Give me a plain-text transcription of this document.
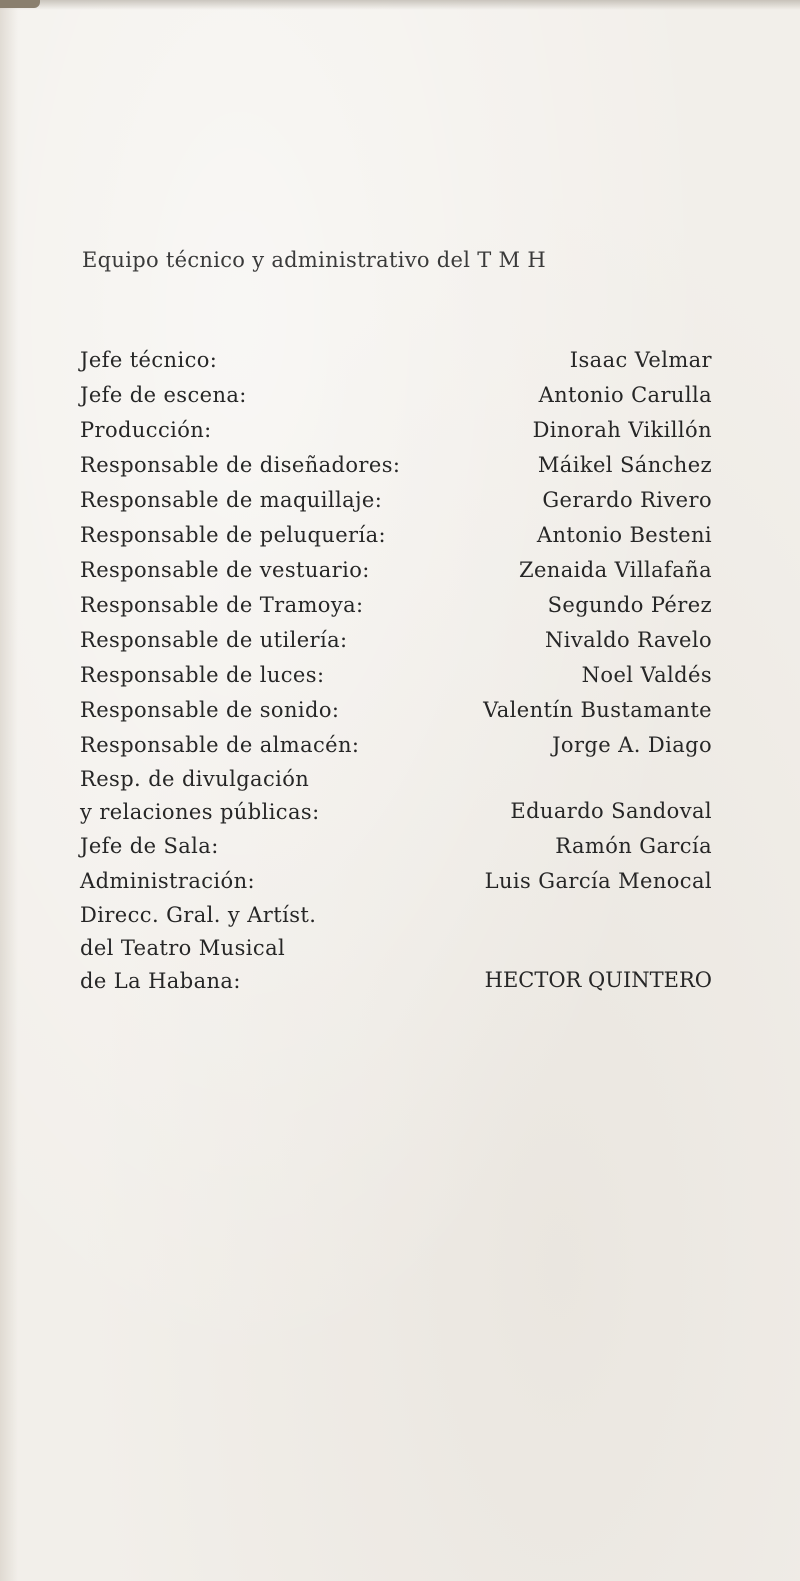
Equipo técnico y administrativo del T M H
Jefe técnico:	Isaac Velmar
Jefe de escena:	Antonio Carulla
Producción:	Dinorah Vikillón
Responsable de diseñadores:	Máikel Sánchez
Responsable de maquillaje:	Gerardo Rivero
Responsable de peluquería:	Antonio Besteni
Responsable de vestuario:	Zenaida Villafaña
Responsable de Tramoya:	Segundo Pérez
Responsable de utilería:	Nivaldo Ravelo
Responsable de luces:	Noel Valdés
Responsable de sonido:	Valentín Bustamante
Responsable de almacén:	Jorge A. Diago
Resp. de divulgación
y relaciones públicas:	Eduardo Sandoval
Jefe de Sala:	Ramón García
Administración:	Luis García Menocal
Direcc. Gral. y Artíst.
del Teatro Musical
de La Habana:	HECTOR QUINTERO
